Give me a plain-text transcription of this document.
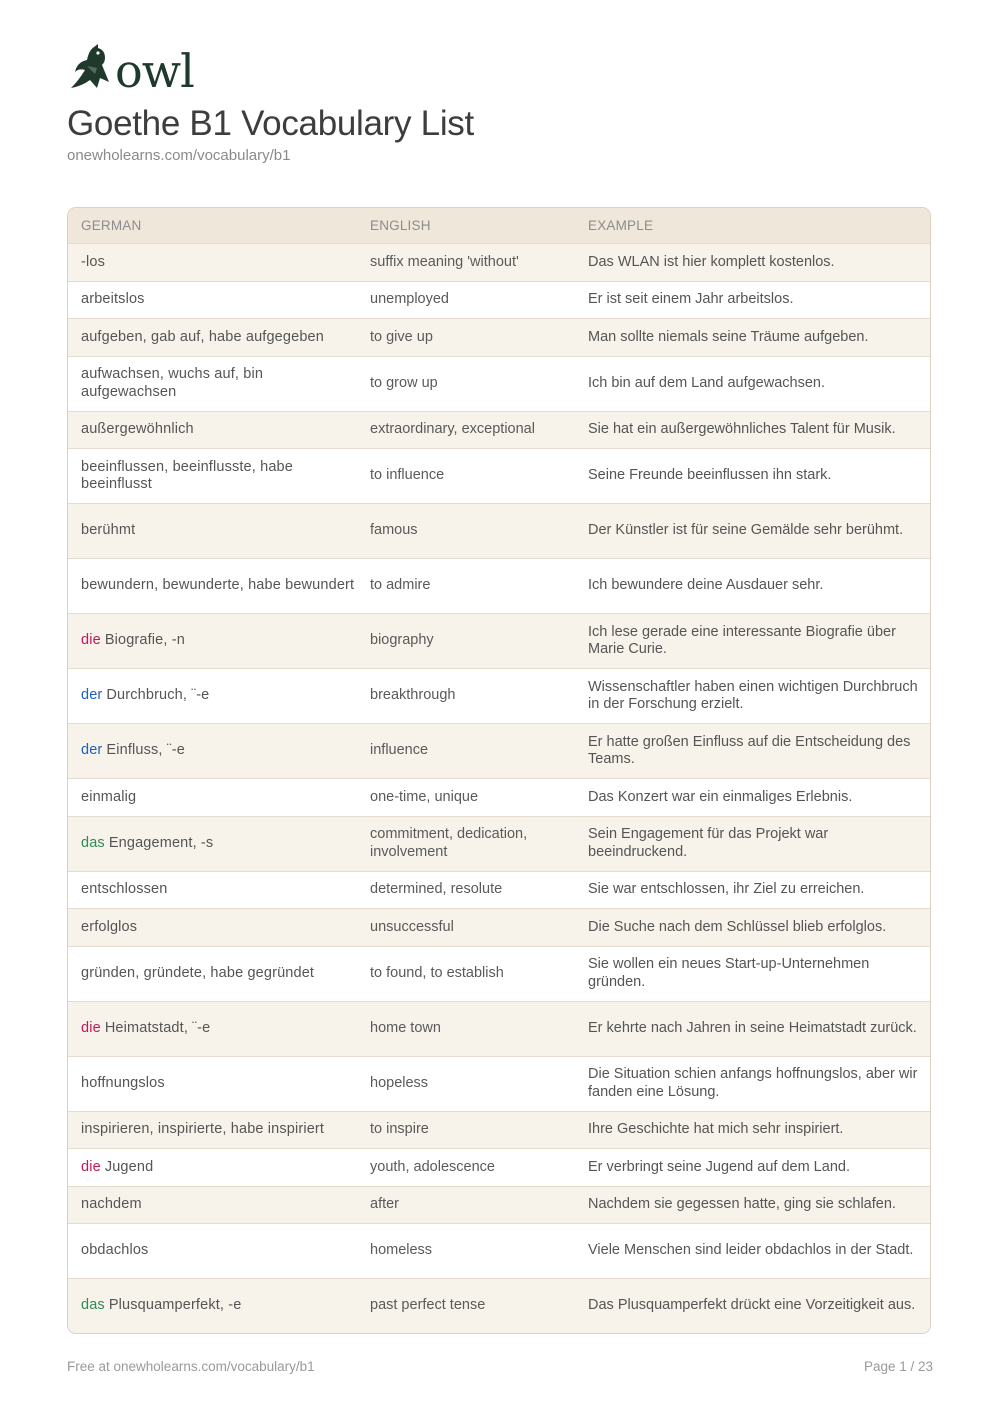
owl
Goethe B1 Vocabulary List
onewholearns.com/vocabulary/b1
GERMAN	ENGLISH	EXAMPLE
-los	suffix meaning 'without'	Das WLAN ist hier komplett kostenlos.
arbeitslos	unemployed	Er ist seit einem Jahr arbeitslos.
aufgeben, gab auf, habe aufgegeben	to give up	Man sollte niemals seine Träume aufgeben.
aufwachsen, wuchs auf, bin aufgewachsen	to grow up	Ich bin auf dem Land aufgewachsen.
außergewöhnlich	extraordinary, exceptional	Sie hat ein außergewöhnliches Talent für Musik.
beeinflussen, beeinflusste, habe beeinflusst	to influence	Seine Freunde beeinflussen ihn stark.
berühmt	famous	Der Künstler ist für seine Gemälde sehr berühmt.
bewundern, bewunderte, habe bewundert	to admire	Ich bewundere deine Ausdauer sehr.
die Biografie, -n	biography	Ich lese gerade eine interessante Biografie über Marie Curie.
der Durchbruch, ¨-e	breakthrough	Wissenschaftler haben einen wichtigen Durchbruch in der Forschung erzielt.
der Einfluss, ¨-e	influence	Er hatte großen Einfluss auf die Entscheidung des Teams.
einmalig	one-time, unique	Das Konzert war ein einmaliges Erlebnis.
das Engagement, -s	commitment, dedication, involvement	Sein Engagement für das Projekt war beeindruckend.
entschlossen	determined, resolute	Sie war entschlossen, ihr Ziel zu erreichen.
erfolglos	unsuccessful	Die Suche nach dem Schlüssel blieb erfolglos.
gründen, gründete, habe gegründet	to found, to establish	Sie wollen ein neues Start-up-Unternehmen gründen.
die Heimatstadt, ¨-e	home town	Er kehrte nach Jahren in seine Heimatstadt zurück.
hoffnungslos	hopeless	Die Situation schien anfangs hoffnungslos, aber wir fanden eine Lösung.
inspirieren, inspirierte, habe inspiriert	to inspire	Ihre Geschichte hat mich sehr inspiriert.
die Jugend	youth, adolescence	Er verbringt seine Jugend auf dem Land.
nachdem	after	Nachdem sie gegessen hatte, ging sie schlafen.
obdachlos	homeless	Viele Menschen sind leider obdachlos in der Stadt.
das Plusquamperfekt, -e	past perfect tense	Das Plusquamperfekt drückt eine Vorzeitigkeit aus.
Free at onewholearns.com/vocabulary/b1	Page 1 / 23
